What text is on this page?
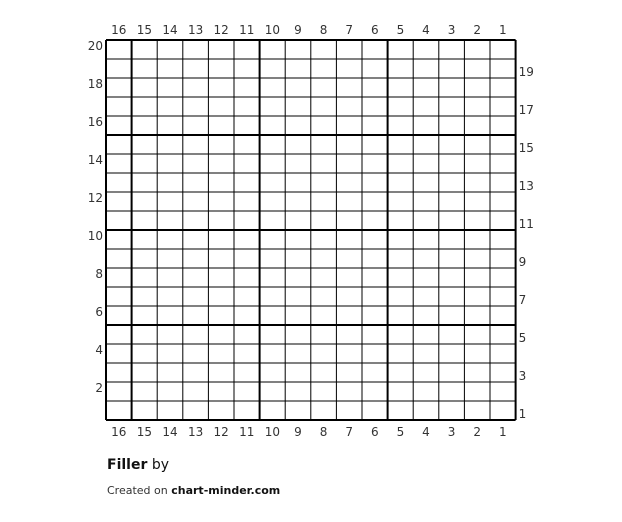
16 15 14 13 12 11 10 9 8 7 6 5 4 3 2 1
16 15 14 13 12 11 10 9 8 7 6 5 4 3 2 1
20
18
16
14
12
10
8
6
4
2
19
17
15
13
11
9
7
5
3
1
Filler by
Created on chart-minder.com
